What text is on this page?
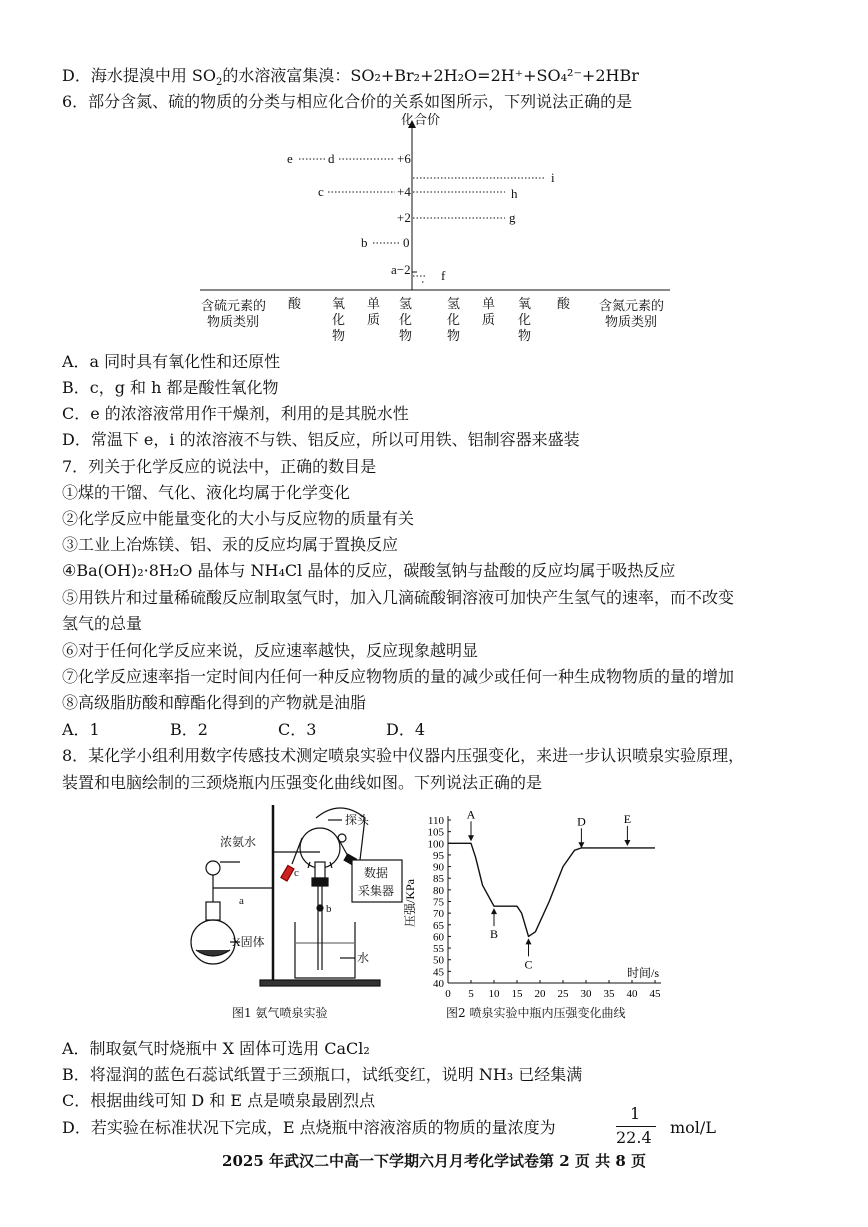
D．海水提溴中用 $SO_2$的水溶液富集溴：SO₂+Br₂+2H₂O=2H⁺+SO₄²⁻+2HBr
6．部分含氮、硫的物质的分类与相应化合价的关系如图所示，下列说法正确的是
化合价
+6
+4
+2
0
e	d
c
b
a−2
i
h
g
f
含硫元素的
物质类别
含氮元素的
物质类别
酸 氧化物
单质
氢化物
氢化物
单质
氧化物
酸
A．a 同时具有氧化性和还原性
B．c，g 和 h 都是酸性氧化物
C．e 的浓溶液常用作干燥剂，利用的是其脱水性
D．常温下 e，i 的浓溶液不与铁、铝反应，所以可用铁、铝制容器来盛装
7．列关于化学反应的说法中，正确的数目是
①煤的干馏、气化、液化均属于化学变化
②化学反应中能量变化的大小与反应物的质量有关
③工业上冶炼镁、铝、汞的反应均属于置换反应
④Ba(OH)₂·8H₂O 晶体与 NH₄Cl 晶体的反应，碳酸氢钠与盐酸的反应均属于吸热反应
⑤用铁片和过量稀硫酸反应制取氢气时，加入几滴硫酸铜溶液可加快产生氢气的速率，而不改变
氢气的总量
⑥对于任何化学反应来说，反应速率越快，反应现象越明显
⑦化学反应速率指一定时间内任何一种反应物物质的量的减少或任何一种生成物物质的量的增加
⑧高级脂肪酸和醇酯化得到的产物就是油脂
A．1	B．2	C．3	D．4
8．某化学小组利用数字传感技术测定喷泉实验中仪器内压强变化，来进一步认识喷泉实验原理，
装置和电脑绘制的三颈烧瓶内压强变化曲线如图。下列说法正确的是
数据
采集器
探头
c
b
水
浓氨水
a
X固体
图1 氨气喷泉实验
40
45
50
55
60
65
70
75
80
85
90
95
100
105
110
0 5 10 15 20 25 30 35 40 45
压强/KPa
时间/s
A
B
C
D	E
图2 喷泉实验中瓶内压强变化曲线
A．制取氨气时烧瓶中 X 固体可选用 CaCl₂
B．将湿润的蓝色石蕊试纸置于三颈瓶口，试纸变红，说明 NH₃ 已经集满
C．根据曲线可知 D 和 E 点是喷泉最剧烈点
D．若实验在标准状况下完成，E 点烧瓶中溶液溶质的物质的量浓度为
1
22.4
mol/L
2025 年武汉二中高一下学期六月月考化学试卷第 2 页 共 8 页
